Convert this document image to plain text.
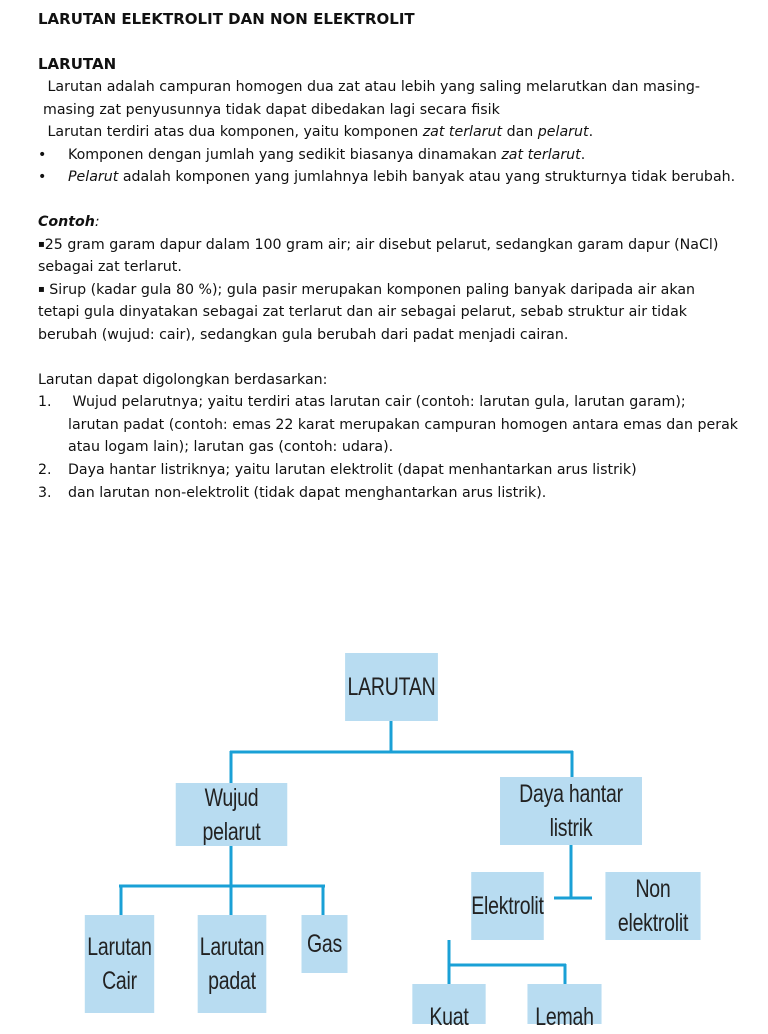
LARUTAN ELEKTROLIT DAN NON ELEKTROLIT

LARUTAN

Larutan adalah campuran homogen dua zat atau lebih yang saling melarutkan dan masing-masing zat penyusunnya tidak dapat dibedakan lagi secara fisik

Larutan terdiri atas dua komponen, yaitu komponen zat terlarut dan pelarut.

• Komponen dengan jumlah yang sedikit biasanya dinamakan zat terlarut.
• Pelarut adalah komponen yang jumlahnya lebih banyak atau yang strukturnya tidak berubah.

Contoh:

▪25 gram garam dapur dalam 100 gram air; air disebut pelarut, sedangkan garam dapur (NaCl) sebagai zat terlarut.

▪ Sirup (kadar gula 80 %); gula pasir merupakan komponen paling banyak daripada air akan tetapi gula dinyatakan sebagai zat terlarut dan air sebagai pelarut, sebab struktur air tidak berubah (wujud: cair), sedangkan gula berubah dari padat menjadi cairan.

Larutan dapat digolongkan berdasarkan:

1. Wujud pelarutnya; yaitu terdiri atas larutan cair (contoh: larutan gula, larutan garam); larutan padat (contoh: emas 22 karat merupakan campuran homogen antara emas dan perak atau logam lain); larutan gas (contoh: udara).
2. Daya hantar listriknya; yaitu larutan elektrolit (dapat menhantarkan arus listrik)
3. dan larutan non-elektrolit (tidak dapat menghantarkan arus listrik).
LARUTAN
Wujud pelarut
Daya hantar listrik
Larutan
Cair
Larutan
padat
Gas
Elektrolit
Non elektrolit
Kuat	Lemah
